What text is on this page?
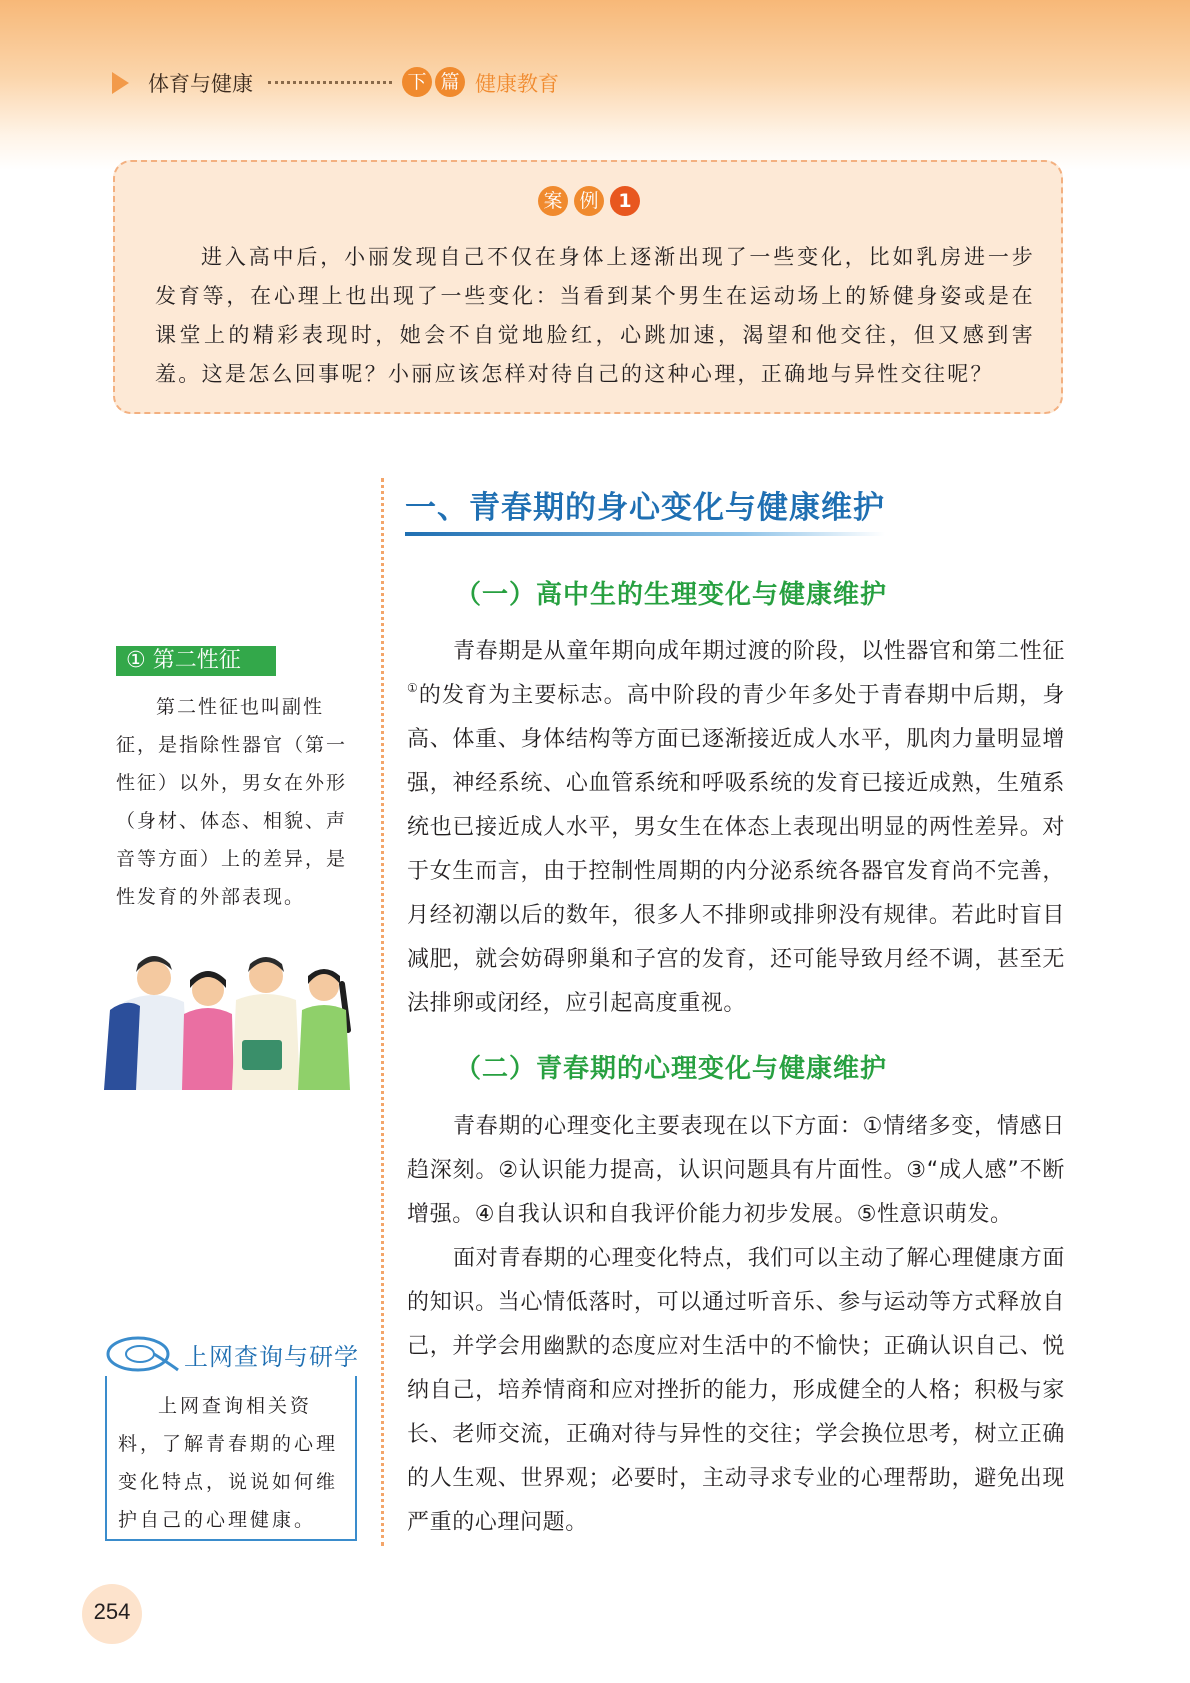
体育与健康	下 篇 健康教育
案 例	1

进入高中后，小丽发现自己不仅在身体上逐渐出现了一些变化，比如乳房进一步发育等，在心理上也出现了一些变化：当看到某个男生在运动场上的矫健身姿或是在课堂上的精彩表现时，她会不自觉地脸红，心跳加速，渴望和他交往，但又感到害羞。这是怎么回事呢？小丽应该怎样对待自己的这种心理，正确地与异性交往呢？

一、青春期的身心变化与健康维护
（一）高中生的生理变化与健康维护

青春期是从童年期向成年期过渡的阶段，以性器官和第二性征①的发育为主要标志。高中阶段的青少年多处于青春期中后期，身高、体重、身体结构等方面已逐渐接近成人水平，肌肉力量明显增强，神经系统、心血管系统和呼吸系统的发育已接近成熟，生殖系统也已接近成人水平，男女生在体态上表现出明显的两性差异。对于女生而言，由于控制性周期的内分泌系统各器官发育尚不完善，月经初潮以后的数年，很多人不排卵或排卵没有规律。若此时盲目减肥，就会妨碍卵巢和子宫的发育，还可能导致月经不调，甚至无法排卵或闭经，应引起高度重视。

（二）青春期的心理变化与健康维护

青春期的心理变化主要表现在以下方面：①情绪多变，情感日趋深刻。②认识能力提高，认识问题具有片面性。③“成人感”不断增强。④自我认识和自我评价能力初步发展。⑤性意识萌发。

面对青春期的心理变化特点，我们可以主动了解心理健康方面的知识。当心情低落时，可以通过听音乐、参与运动等方式释放自己，并学会用幽默的态度应对生活中的不愉快；正确认识自己、悦纳自己，培养情商和应对挫折的能力，形成健全的人格；积极与家长、老师交流，正确对待与异性的交往；学会换位思考，树立正确的人生观、世界观；必要时，主动寻求专业的心理帮助，避免出现严重的心理问题。

① 第二性征

第二性征也叫副性征，是指除性器官（第一性征）以外，男女在外形（身材、体态、相貌、声音等方面）上的差异，是性发育的外部表现。

上网查询与研学

上网查询相关资料，了解青春期的心理变化特点，说说如何维护自己的心理健康。

254
